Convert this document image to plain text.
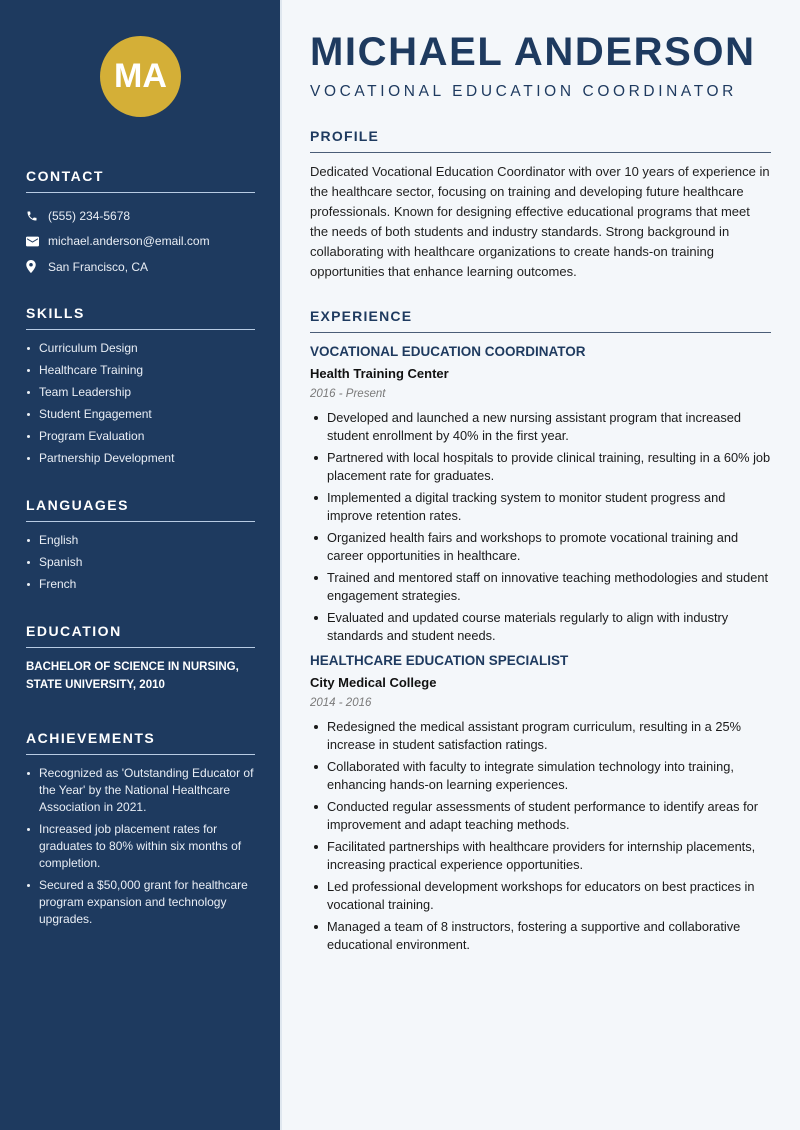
MA
CONTACT
(555) 234-5678
michael.anderson@email.com
San Francisco, CA
SKILLS
Curriculum Design
Healthcare Training
Team Leadership
Student Engagement
Program Evaluation
Partnership Development
LANGUAGES
English
Spanish
French
EDUCATION
BACHELOR OF SCIENCE IN NURSING,
STATE UNIVERSITY, 2010
ACHIEVEMENTS
Recognized as 'Outstanding Educator of the Year' by the National Healthcare Association in 2021.
Increased job placement rates for graduates to 80% within six months of completion.
Secured a $50,000 grant for healthcare program expansion and technology upgrades.
MICHAEL ANDERSON
VOCATIONAL EDUCATION COORDINATOR
PROFILE

Dedicated Vocational Education Coordinator with over 10 years of experience in the healthcare sector, focusing on training and developing future healthcare professionals. Known for designing effective educational programs that meet the needs of both students and industry standards. Strong background in collaborating with healthcare organizations to create hands-on training opportunities that enhance learning outcomes.

EXPERIENCE
VOCATIONAL EDUCATION COORDINATOR
Health Training Center
2016 - Present
Developed and launched a new nursing assistant program that increased student enrollment by 40% in the first year.
Partnered with local hospitals to provide clinical training, resulting in a 60% job placement rate for graduates.
Implemented a digital tracking system to monitor student progress and improve retention rates.
Organized health fairs and workshops to promote vocational training and career opportunities in healthcare.
Trained and mentored staff on innovative teaching methodologies and student engagement strategies.
Evaluated and updated course materials regularly to align with industry standards and student needs.
HEALTHCARE EDUCATION SPECIALIST
City Medical College
2014 - 2016
Redesigned the medical assistant program curriculum, resulting in a 25% increase in student satisfaction ratings.
Collaborated with faculty to integrate simulation technology into training, enhancing hands-on learning experiences.
Conducted regular assessments of student performance to identify areas for improvement and adapt teaching methods.
Facilitated partnerships with healthcare providers for internship placements, increasing practical experience opportunities.
Led professional development workshops for educators on best practices in vocational training.
Managed a team of 8 instructors, fostering a supportive and collaborative educational environment.
